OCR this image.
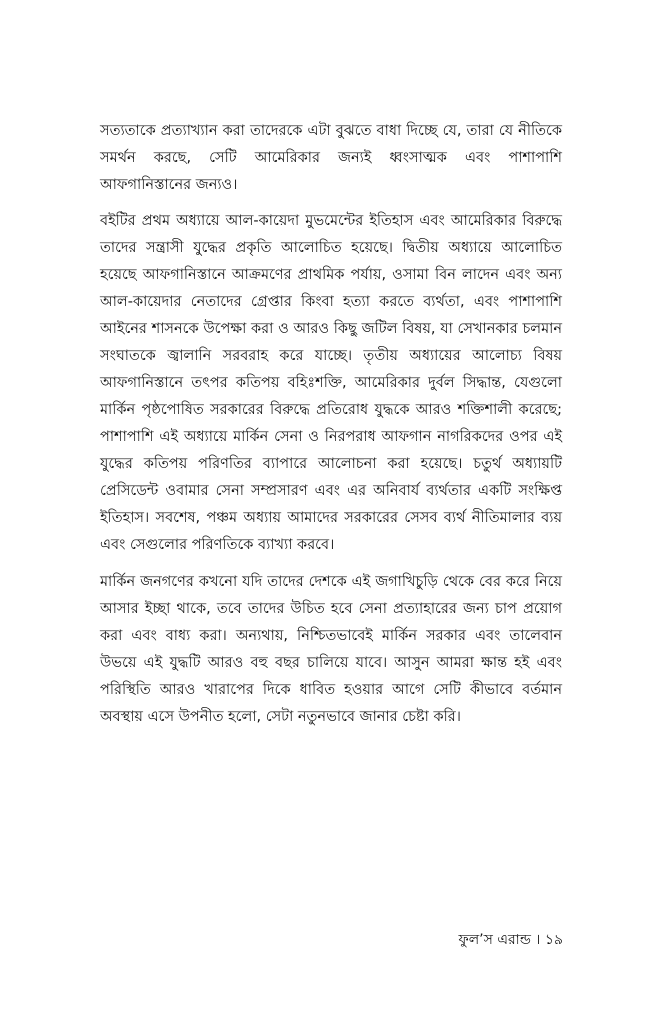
সত্যতাকে প্রত্যাখ্যান করা তাদেরকে এটা বুঝতে বাধা দিচ্ছে যে, তারা যে নীতিকে সমর্থন করছে, সেটি আমেরিকার জন্যই ধ্বংসাত্মক এবং পাশাপাশি আফগানিস্তানের জন্যও।

বইটির প্রথম অধ্যায়ে আল-কায়েদা মুভমেন্টের ইতিহাস এবং আমেরিকার বিরুদ্ধে তাদের সন্ত্রাসী যুদ্ধের প্রকৃতি আলোচিত হয়েছে। দ্বিতীয় অধ্যায়ে আলোচিত হয়েছে আফগানিস্তানে আক্রমণের প্রাথমিক পর্যায়, ওসামা বিন লাদেন এবং অন্য আল-কায়েদার নেতাদের গ্রেপ্তার কিংবা হত্যা করতে ব্যর্থতা, এবং পাশাপাশি আইনের শাসনকে উপেক্ষা করা ও আরও কিছু জটিল বিষয়, যা সেখানকার চলমান সংঘাতকে জ্বালানি সরবরাহ করে যাচ্ছে। তৃতীয় অধ্যায়ের আলোচ্য বিষয় আফগানিস্তানে তৎপর কতিপয় বহিঃশক্তি, আমেরিকার দুর্বল সিদ্ধান্ত, যেগুলো মার্কিন পৃষ্ঠপোষিত সরকারের বিরুদ্ধে প্রতিরোধ যুদ্ধকে আরও শক্তিশালী করেছে; পাশাপাশি এই অধ্যায়ে মার্কিন সেনা ও নিরপরাধ আফগান নাগরিকদের ওপর এই যুদ্ধের কতিপয় পরিণতির ব্যাপারে আলোচনা করা হয়েছে। চতুর্থ অধ্যায়টি প্রেসিডেন্ট ওবামার সেনা সম্প্রসারণ এবং এর অনিবার্য ব্যর্থতার একটি সংক্ষিপ্ত ইতিহাস। সবশেষ, পঞ্চম অধ্যায় আমাদের সরকারের সেসব ব্যর্থ নীতিমালার ব্যয় এবং সেগুলোর পরিণতিকে ব্যাখ্যা করবে।

মার্কিন জনগণের কখনো যদি তাদের দেশকে এই জগাখিচুড়ি থেকে বের করে নিয়ে আসার ইচ্ছা থাকে, তবে তাদের উচিত হবে সেনা প্রত্যাহারের জন্য চাপ প্রয়োগ করা এবং বাধ্য করা। অন্যথায়, নিশ্চিতভাবেই মার্কিন সরকার এবং তালেবান উভয়ে এই যুদ্ধটি আরও বহু বছর চালিয়ে যাবে। আসুন আমরা ক্ষান্ত হই এবং পরিস্থিতি আরও খারাপের দিকে ধাবিত হওয়ার আগে সেটি কীভাবে বর্তমান অবস্থায় এসে উপনীত হলো, সেটা নতুনভাবে জানার চেষ্টা করি।

ফুল’স এরান্ড । ১৯
